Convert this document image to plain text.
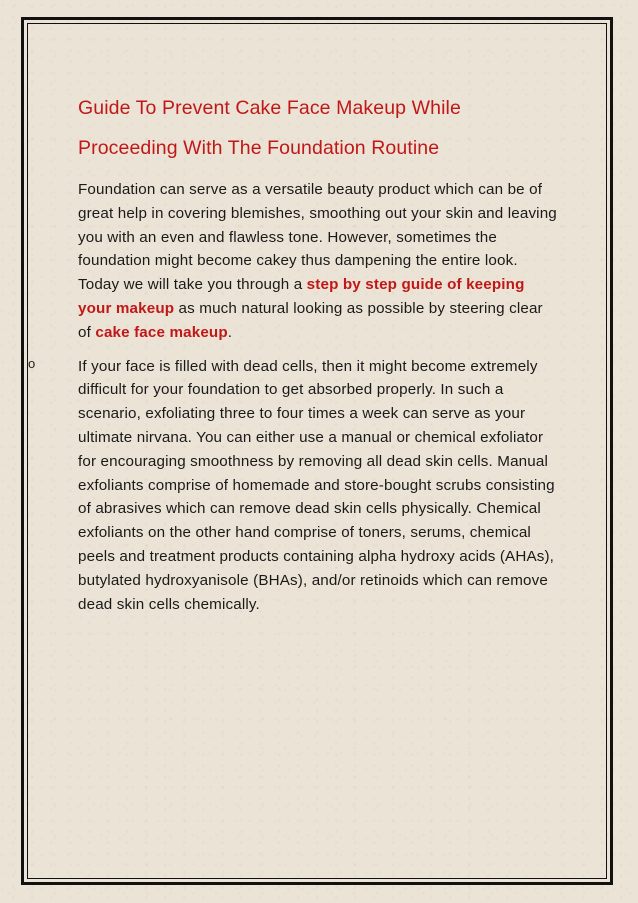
Guide To Prevent Cake Face Makeup While
Proceeding With The Foundation Routine

Foundation can serve as a versatile beauty product which can be of great help in covering blemishes, smoothing out your skin and leaving you with an even and flawless tone. However, sometimes the foundation might become cakey thus dampening the entire look. Today we will take you through a step by step guide of keeping your makeup as much natural looking as possible by steering clear of cake face makeup.

o	If your face is filled with dead cells, then it might become extremely difficult for your foundation to get absorbed properly. In such a scenario, exfoliating three to four times a week can serve as your ultimate nirvana. You can either use a manual or chemical exfoliator for encouraging smoothness by removing all dead skin cells. Manual exfoliants comprise of homemade and store-bought scrubs consisting of abrasives which can remove dead skin cells physically. Chemical exfoliants on the other hand comprise of toners, serums, chemical peels and treatment products containing alpha hydroxy acids (AHAs), butylated hydroxyanisole (BHAs), and/or retinoids which can remove dead skin cells chemically.
